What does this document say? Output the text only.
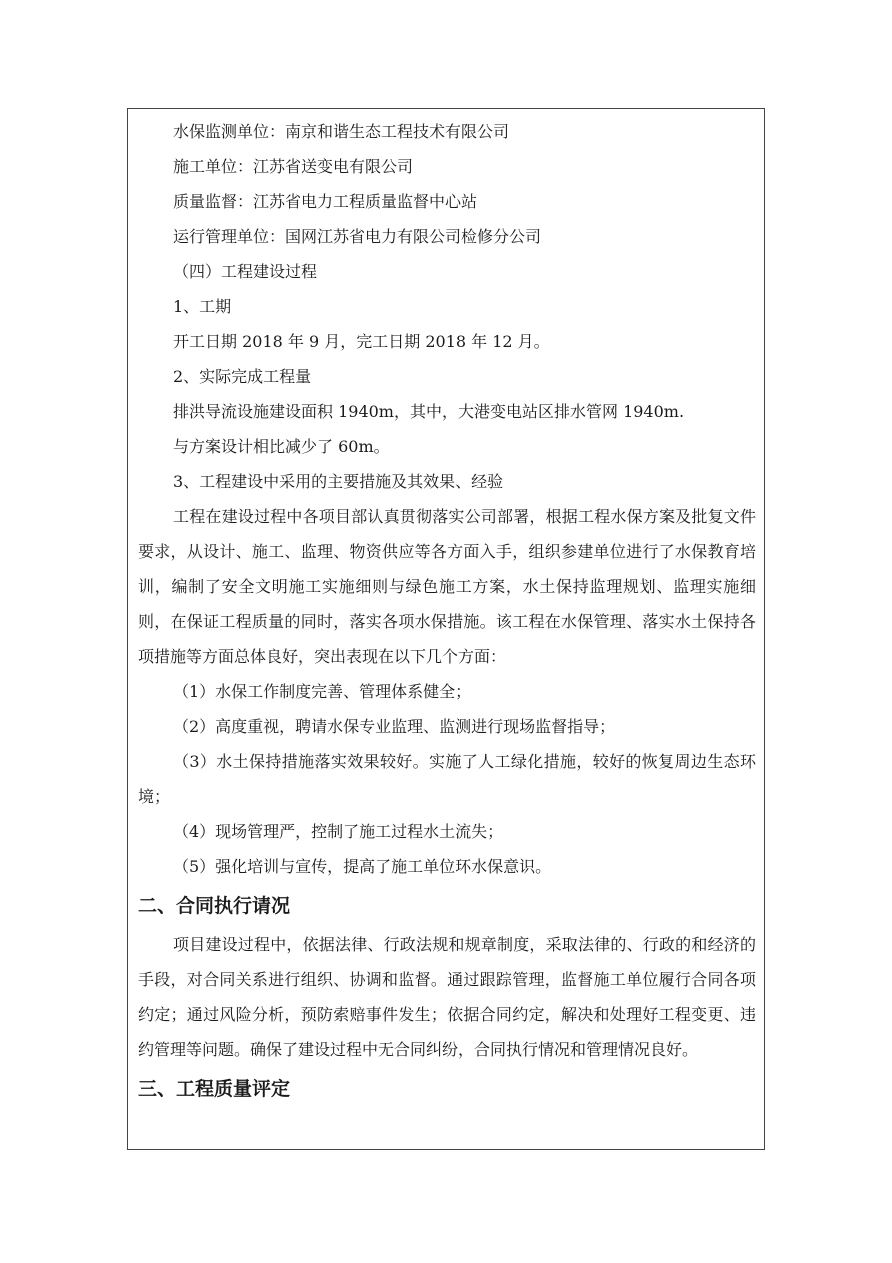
水保监测单位：南京和谐生态工程技术有限公司
施工单位：江苏省送变电有限公司
质量监督：江苏省电力工程质量监督中心站
运行管理单位：国网江苏省电力有限公司检修分公司
（四）工程建设过程
1、工期
开工日期 2018 年 9 月，完工日期 2018 年 12 月。
2、实际完成工程量
排洪导流设施建设面积 1940m，其中，大港变电站区排水管网 1940m.
与方案设计相比减少了 60m。
3、工程建设中采用的主要措施及其效果、经验

工程在建设过程中各项目部认真贯彻落实公司部署，根据工程水保方案及批复文件要求，从设计、施工、监理、物资供应等各方面入手，组织参建单位进行了水保教育培训，编制了安全文明施工实施细则与绿色施工方案，水土保持监理规划、监理实施细则，在保证工程质量的同时，落实各项水保措施。该工程在水保管理、落实水土保持各项措施等方面总体良好，突出表现在以下几个方面：

（1）水保工作制度完善、管理体系健全；
（2）高度重视，聘请水保专业监理、监测进行现场监督指导；

（3）水土保持措施落实效果较好。实施了人工绿化措施，较好的恢复周边生态环境；

（4）现场管理严，控制了施工过程水土流失；
（5）强化培训与宣传，提高了施工单位环水保意识。
二、合同执行请况

项目建设过程中，依据法律、行政法规和规章制度，采取法律的、行政的和经济的手段，对合同关系进行组织、协调和监督。通过跟踪管理，监督施工单位履行合同各项约定；通过风险分析，预防索赔事件发生；依据合同约定，解决和处理好工程变更、违约管理等问题。确保了建设过程中无合同纠纷，合同执行情况和管理情况良好。

三、工程质量评定
